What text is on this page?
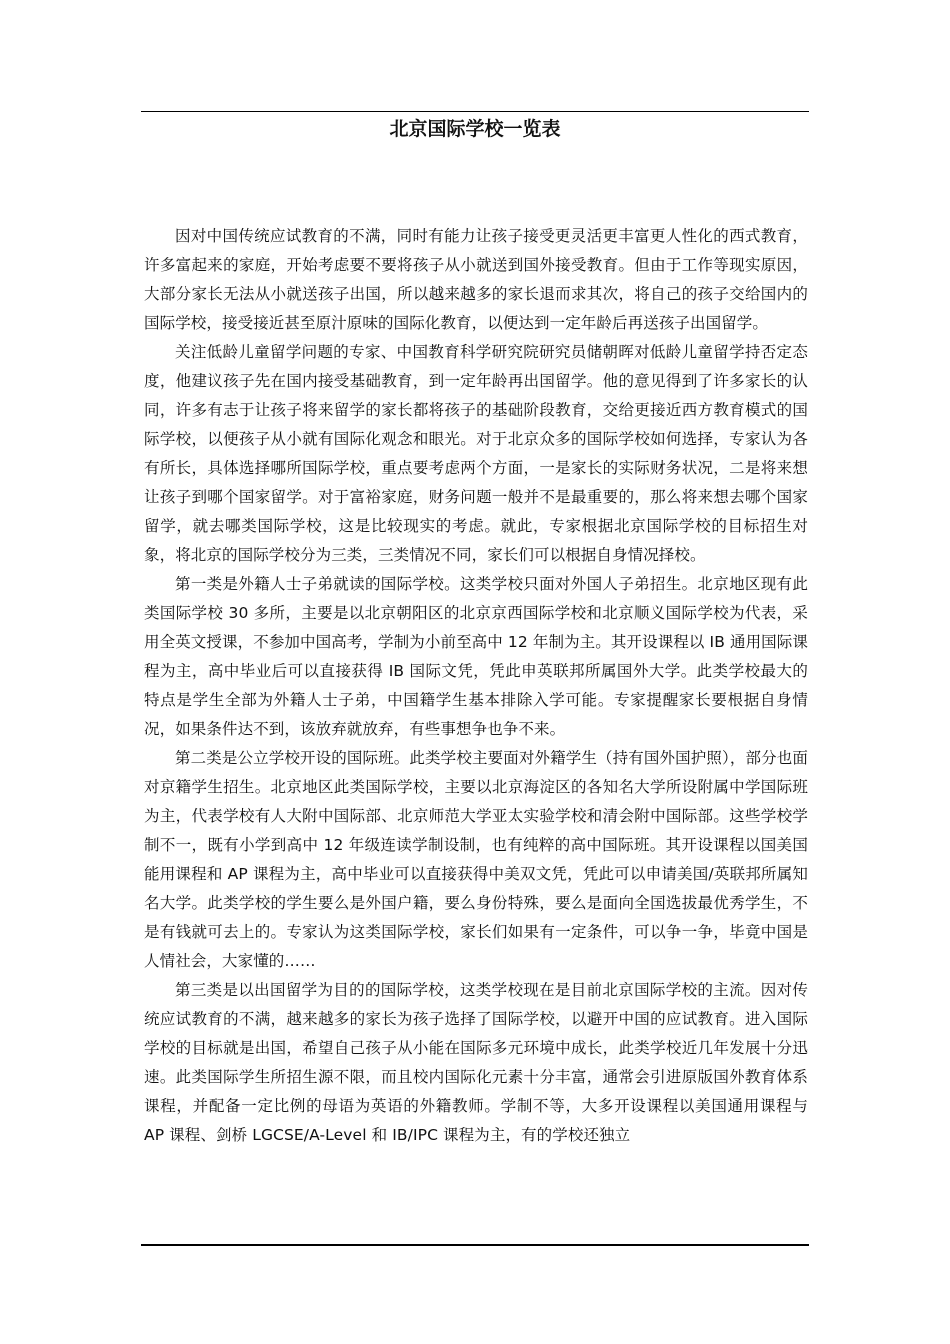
北京国际学校一览表

因对中国传统应试教育的不满，同时有能力让孩子接受更灵活更丰富更人性化的西式教育，许多富起来的家庭，开始考虑要不要将孩子从小就送到国外接受教育。但由于工作等现实原因，大部分家长无法从小就送孩子出国，所以越来越多的家长退而求其次，将自己的孩子交给国内的国际学校，接受接近甚至原汁原味的国际化教育，以便达到一定年龄后再送孩子出国留学。

关注低龄儿童留学问题的专家、中国教育科学研究院研究员储朝晖对低龄儿童留学持否定态度，他建议孩子先在国内接受基础教育，到一定年龄再出国留学。他的意见得到了许多家长的认同，许多有志于让孩子将来留学的家长都将孩子的基础阶段教育，交给更接近西方教育模式的国际学校，以便孩子从小就有国际化观念和眼光。对于北京众多的国际学校如何选择，专家认为各有所长，具体选择哪所国际学校，重点要考虑两个方面，一是家长的实际财务状况，二是将来想让孩子到哪个国家留学。对于富裕家庭，财务问题一般并不是最重要的，那么将来想去哪个国家留学，就去哪类国际学校，这是比较现实的考虑。就此，专家根据北京国际学校的目标招生对象，将北京的国际学校分为三类，三类情况不同，家长们可以根据自身情况择校。

第一类是外籍人士子弟就读的国际学校。这类学校只面对外国人子弟招生。北京地区现有此类国际学校 30 多所，主要是以北京朝阳区的北京京西国际学校和北京顺义国际学校为代表，采用全英文授课，不参加中国高考，学制为小前至高中 12 年制为主。其开设课程以 IB 通用国际课程为主，高中毕业后可以直接获得 IB 国际文凭，凭此申英联邦所属国外大学。此类学校最大的特点是学生全部为外籍人士子弟，中国籍学生基本排除入学可能。专家提醒家长要根据自身情况，如果条件达不到，该放弃就放弃，有些事想争也争不来。

第二类是公立学校开设的国际班。此类学校主要面对外籍学生（持有国外国护照），部分也面对京籍学生招生。北京地区此类国际学校，主要以北京海淀区的各知名大学所设附属中学国际班为主，代表学校有人大附中国际部、北京师范大学亚太实验学校和清会附中国际部。这些学校学制不一，既有小学到高中 12 年级连读学制设制，也有纯粹的高中国际班。其开设课程以国美国能用课程和 AP 课程为主，高中毕业可以直接获得中美双文凭，凭此可以申请美国/英联邦所属知名大学。此类学校的学生要么是外国户籍，要么身份特殊，要么是面向全国选拔最优秀学生，不是有钱就可去上的。专家认为这类国际学校，家长们如果有一定条件，可以争一争，毕竟中国是人情社会，大家懂的……

第三类是以出国留学为目的的国际学校，这类学校现在是目前北京国际学校的主流。因对传统应试教育的不满，越来越多的家长为孩子选择了国际学校，以避开中国的应试教育。进入国际学校的目标就是出国，希望自己孩子从小能在国际多元环境中成长，此类学校近几年发展十分迅速。此类国际学生所招生源不限，而且校内国际化元素十分丰富，通常会引进原版国外教育体系课程，并配备一定比例的母语为英语的外籍教师。学制不等，大多开设课程以美国通用课程与 AP 课程、剑桥 LGCSE/A-Level 和 IB/IPC 课程为主，有的学校还独立
